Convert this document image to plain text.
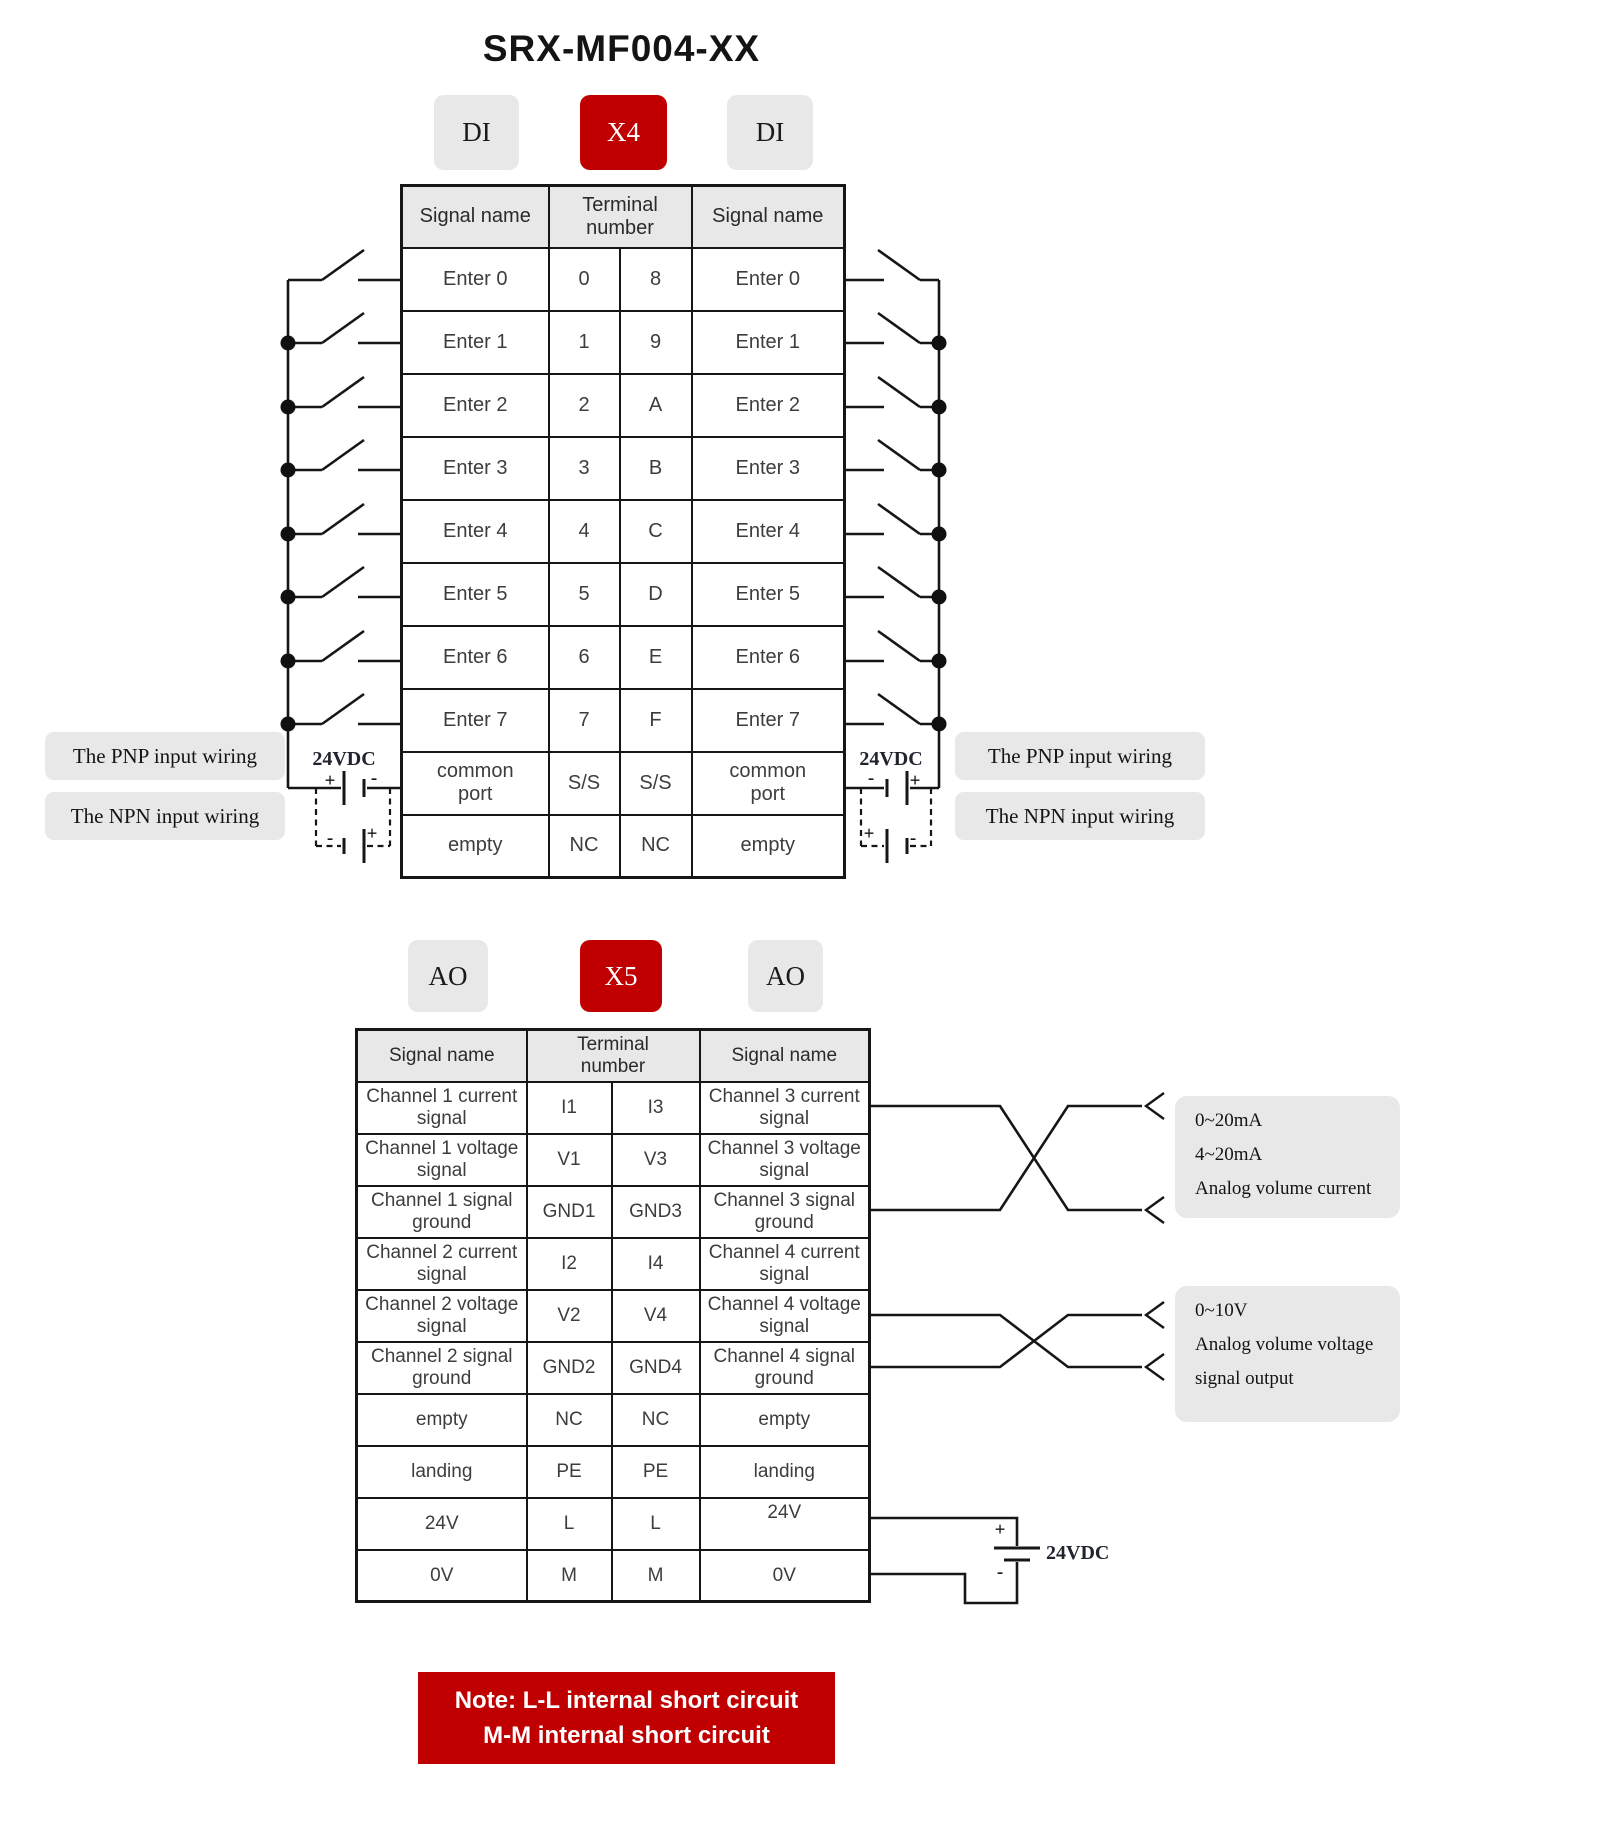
SRX-MF004-XX
DI	X4	DI
Signal name	Terminal number		Signal name
Enter 0	0	8	Enter 0
Enter 1	1	9	Enter 1
Enter 2	2	A	Enter 2
Enter 3	3	B	Enter 3
Enter 4	4	C	Enter 4
Enter 5	5	D	Enter 5
Enter 6	6	E	Enter 6
Enter 7	7	F	Enter 7
common port	S/S	S/S	common port
empty	NC	NC	empty
The PNP input wiring
The NPN input wiring
The PNP input wiring
The NPN input wiring
24VDC	24VDC
24VDC
+ -
- +
- +
+ -
+
-
AO	X5	AO
Signal name	Terminal number		Signal name
Channel 1 current signal	I1	I3	Channel 3 current signal
Channel 1 voltage signal	V1	V3	Channel 3 voltage signal
Channel 1 signal ground	GND1	GND3	Channel 3 signal ground
Channel 2 current signal	I2	I4	Channel 4 current signal
Channel 2 voltage signal	V2	V4	Channel 4 voltage signal
Channel 2 signal ground	GND2	GND4	Channel 4 signal ground
empty	NC	NC	empty
landing	PE	PE	landing
24V	L	L	24V
0V	M	M	0V
0~20mA
4~20mA
Analog volume current
0~10V
Analog volume voltage
signal output
Note: L-L internal short circuit
M-M internal short circuit
